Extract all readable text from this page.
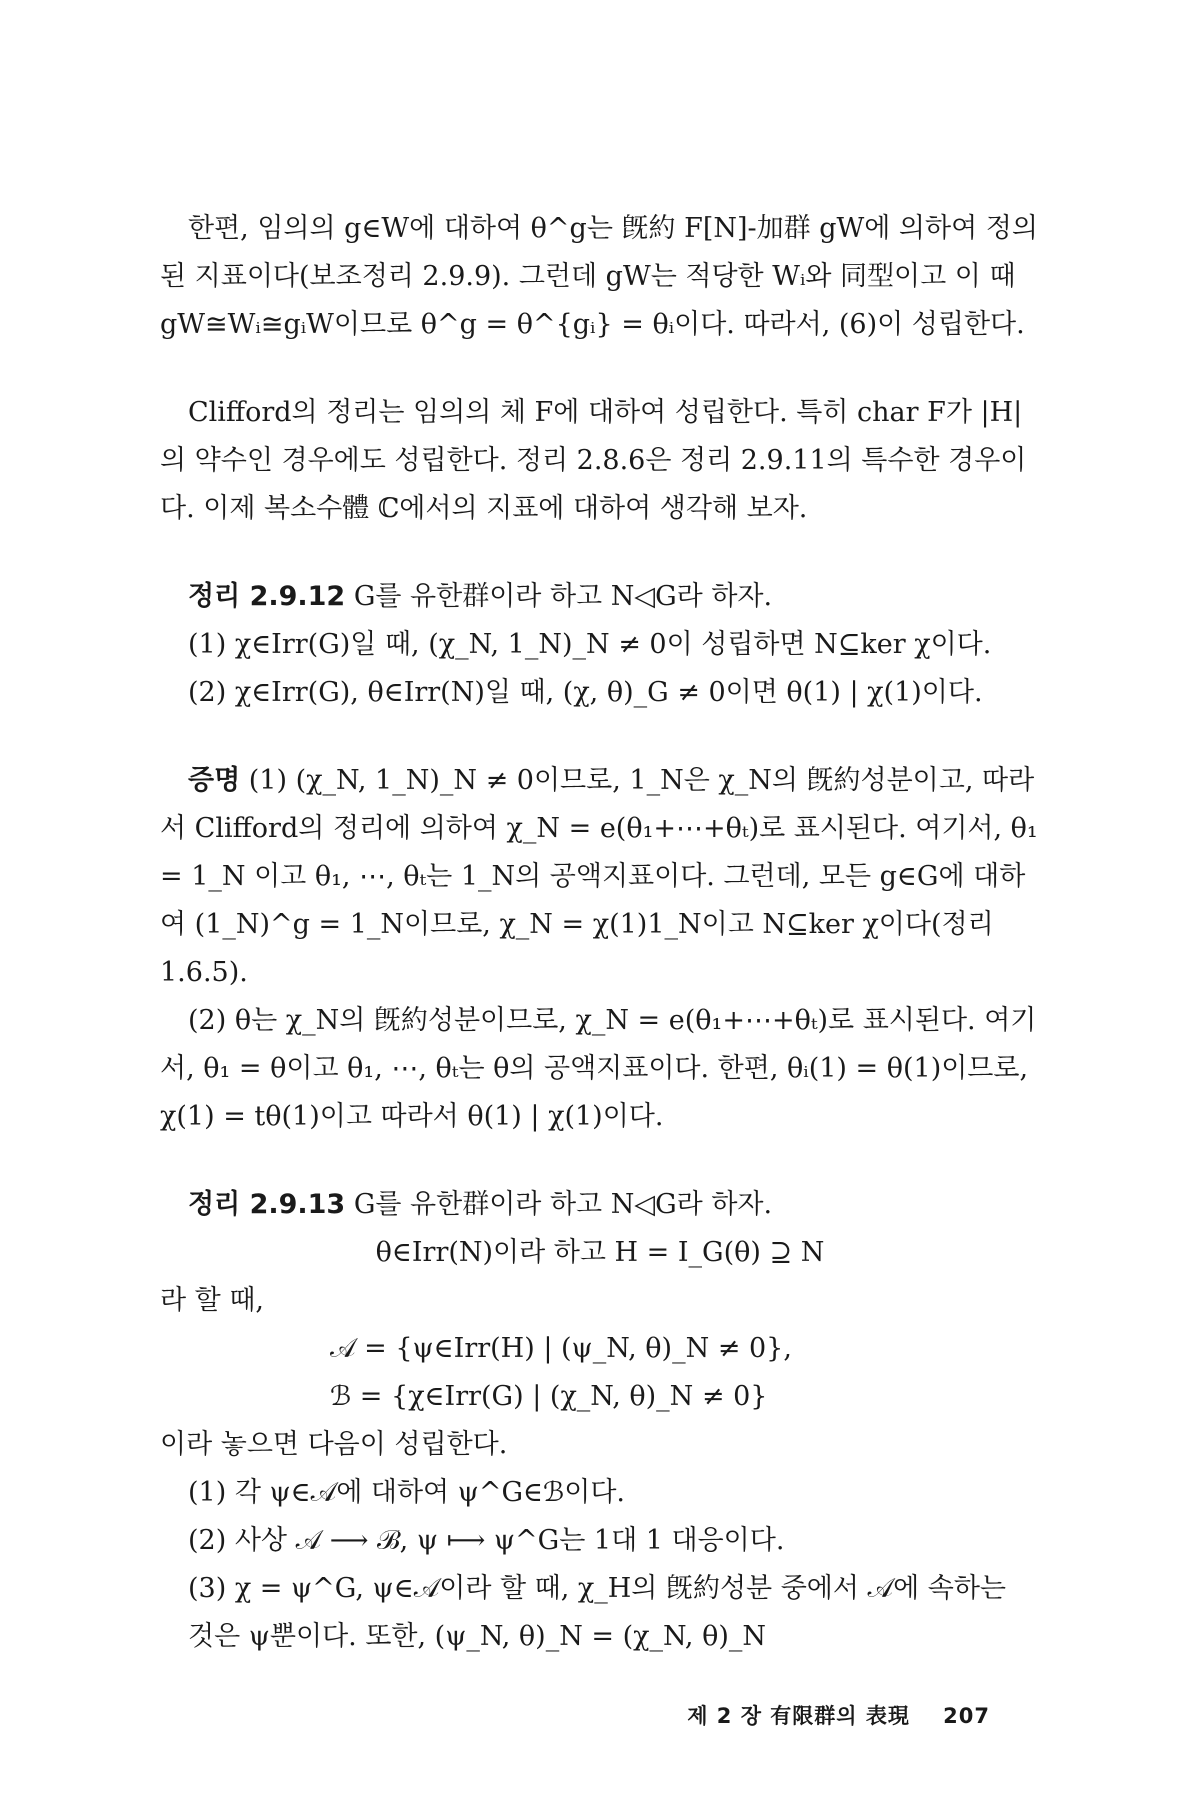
한편, 임의의 g∈W에 대하여 θ^g는 旣約 F[N]-加群 gW에 의하여 정의된 지표이다(보조정리 2.9.9). 그런데 gW는 적당한 Wᵢ와 同型이고 이 때 gW≅Wᵢ≅gᵢW이므로 θ^g = θ^{gᵢ} = θᵢ이다. 따라서, (6)이 성립한다.

Clifford의 정리는 임의의 체 F에 대하여 성립한다. 특히 char F가 |H|의 약수인 경우에도 성립한다. 정리 2.8.6은 정리 2.9.11의 특수한 경우이다. 이제 복소수體 ℂ에서의 지표에 대하여 생각해 보자.

정리 2.9.12 G를 유한群이라 하고 N◁G라 하자.

(1) χ∈Irr(G)일 때, (χ_N, 1_N)_N ≠ 0이 성립하면 N⊆ker χ이다.

(2) χ∈Irr(G), θ∈Irr(N)일 때, (χ, θ)_G ≠ 0이면 θ(1) | χ(1)이다.

증명 (1) (χ_N, 1_N)_N ≠ 0이므로, 1_N은 χ_N의 旣約성분이고, 따라서 Clifford의 정리에 의하여 χ_N = e(θ₁+⋯+θₜ)로 표시된다. 여기서, θ₁ = 1_N 이고 θ₁, ⋯, θₜ는 1_N의 공액지표이다. 그런데, 모든 g∈G에 대하여 (1_N)^g = 1_N이므로, χ_N = χ(1)1_N이고 N⊆ker χ이다(정리 1.6.5).

(2) θ는 χ_N의 旣約성분이므로, χ_N = e(θ₁+⋯+θₜ)로 표시된다. 여기서, θ₁ = θ이고 θ₁, ⋯, θₜ는 θ의 공액지표이다. 한편, θᵢ(1) = θ(1)이므로, χ(1) = tθ(1)이고 따라서 θ(1) | χ(1)이다.

정리 2.9.13 G를 유한群이라 하고 N◁G라 하자.

θ∈Irr(N)이라 하고 H = I_G(θ) ⊇ N

라 할 때,

𝒜 = {ψ∈Irr(H) | (ψ_N, θ)_N ≠ 0},

ℬ = {χ∈Irr(G) | (χ_N, θ)_N ≠ 0}

이라 놓으면 다음이 성립한다.

(1) 각 ψ∈𝒜에 대하여 ψ^G∈ℬ이다.

(2) 사상 𝒜 ⟶ ℬ, ψ ⟼ ψ^G는 1대 1 대응이다.

(3) χ = ψ^G, ψ∈𝒜이라 할 때, χ_H의 旣約성분 중에서 𝒜에 속하는 것은 ψ뿐이다. 또한, (ψ_N, θ)_N = (χ_N, θ)_N

제 2 장 有限群의 表現 207
